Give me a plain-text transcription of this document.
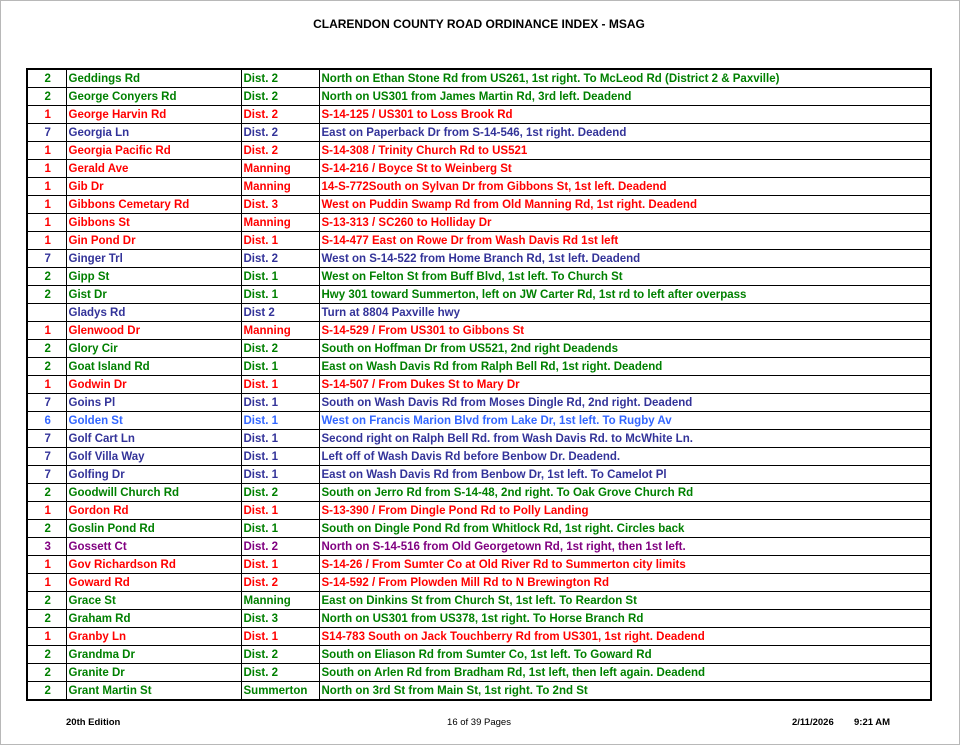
CLARENDON COUNTY ROAD ORDINANCE INDEX - MSAG
2	Geddings Rd	Dist. 2	North on Ethan Stone Rd from US261, 1st right. To McLeod Rd (District 2 & Paxville)
2	George Conyers Rd	Dist. 2	North on US301 from James Martin Rd, 3rd left. Deadend
1	George Harvin Rd	Dist. 2	S-14-125 / US301 to Loss Brook Rd
7	Georgia Ln	Dist. 2	East on Paperback Dr from S-14-546, 1st right. Deadend
1	Georgia Pacific Rd	Dist. 2	S-14-308 / Trinity Church Rd to US521
1	Gerald Ave	Manning	S-14-216 / Boyce St to Weinberg St
1	Gib Dr	Manning	14-S-772South on Sylvan Dr from Gibbons St, 1st left. Deadend
1	Gibbons Cemetary Rd	Dist. 3	West on Puddin Swamp Rd from Old Manning Rd, 1st right. Deadend
1	Gibbons St	Manning	S-13-313 / SC260 to Holliday Dr
1	Gin Pond Dr	Dist. 1	S-14-477 East on Rowe Dr from Wash Davis Rd 1st left
7	Ginger Trl	Dist. 2	West on S-14-522 from Home Branch Rd, 1st left. Deadend
2	Gipp St	Dist. 1	West on Felton St from Buff Blvd, 1st left. To Church St
2	Gist Dr	Dist. 1	Hwy 301 toward Summerton, left on JW Carter Rd, 1st rd to left after overpass
	Gladys Rd	Dist 2	Turn at 8804 Paxville hwy
1	Glenwood Dr	Manning	S-14-529 / From US301 to Gibbons St
2	Glory Cir	Dist. 2	South on Hoffman Dr from US521, 2nd right Deadends
2	Goat Island Rd	Dist. 1	East on Wash Davis Rd from Ralph Bell Rd, 1st right. Deadend
1	Godwin Dr	Dist. 1	S-14-507 / From Dukes St to Mary Dr
7	Goins Pl	Dist. 1	South on Wash Davis Rd from Moses Dingle Rd, 2nd right. Deadend
6	Golden St	Dist. 1	West on Francis Marion Blvd from Lake Dr, 1st left. To Rugby Av
7	Golf Cart Ln	Dist. 1	Second right on Ralph Bell Rd. from Wash Davis Rd. to McWhite Ln.
7	Golf Villa Way	Dist. 1	Left off of Wash Davis Rd before Benbow Dr. Deadend.
7	Golfing Dr	Dist. 1	East on Wash Davis Rd from Benbow Dr, 1st left. To Camelot Pl
2	Goodwill Church Rd	Dist. 2	South on Jerro Rd from S-14-48, 2nd right. To Oak Grove Church Rd
1	Gordon Rd	Dist. 1	S-13-390 / From Dingle Pond Rd to Polly Landing
2	Goslin Pond Rd	Dist. 1	South on Dingle Pond Rd from Whitlock Rd, 1st right. Circles back
3	Gossett Ct	Dist. 2	North on S-14-516 from Old Georgetown Rd, 1st right, then 1st left.
1	Gov Richardson Rd	Dist. 1	S-14-26 / From Sumter Co at Old River Rd to Summerton city limits
1	Goward Rd	Dist. 2	S-14-592 / From Plowden Mill Rd to N Brewington Rd
2	Grace St	Manning	East on Dinkins St from Church St, 1st left. To Reardon St
2	Graham Rd	Dist. 3	North on US301 from US378, 1st right. To Horse Branch Rd
1	Granby Ln	Dist. 1	S14-783 South on Jack Touchberry Rd from US301, 1st right. Deadend
2	Grandma Dr	Dist. 2	South on Eliason Rd from Sumter Co, 1st left. To Goward Rd
2	Granite Dr	Dist. 2	South on Arlen Rd from Bradham Rd, 1st left, then left again. Deadend
2	Grant Martin St	Summerton	North on 3rd St from Main St, 1st right. To 2nd St
20th Edition	16 of 39 Pages	2/11/2026 9:21 AM
